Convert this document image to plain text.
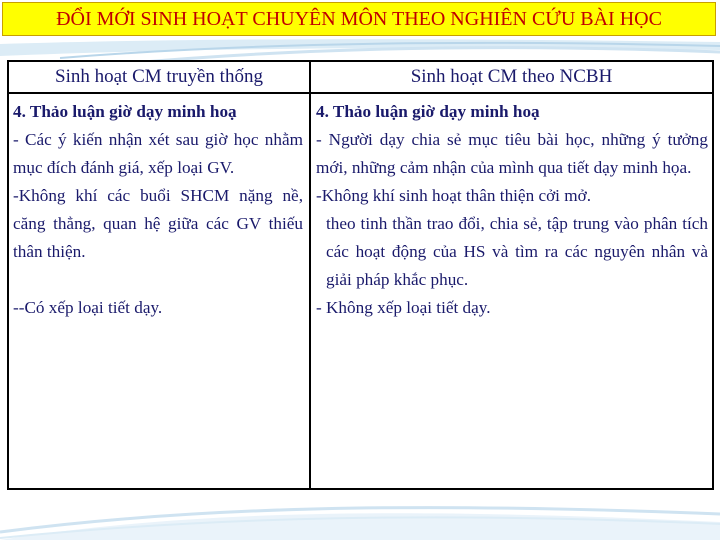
ĐỔI MỚI SINH HOẠT CHUYÊN MÔN THEO NGHIÊN CỨU BÀI HỌC
Sinh hoạt CM truyền thống	Sinh hoạt CM theo NCBH

4. Thảo luận giờ dạy minh hoạ

- Các ý kiến nhận xét sau giờ học nhằm mục đích đánh giá, xếp loại GV.

-Không khí các buổi SHCM nặng nề, căng thẳng, quan hệ giữa các GV thiếu thân thiện.

--Có xếp loại tiết dạy.

4. Thảo luận giờ dạy minh hoạ

- Người dạy chia sẻ mục tiêu bài học, những ý tưởng mới, những cảm nhận của mình qua tiết dạy minh họa.

-Không khí sinh hoạt thân thiện cởi mở.

theo tinh thần trao đổi, chia sẻ, tập trung vào phân tích các hoạt động của HS và tìm ra các nguyên nhân và giải pháp khắc phục.

- Không xếp loại tiết dạy.
